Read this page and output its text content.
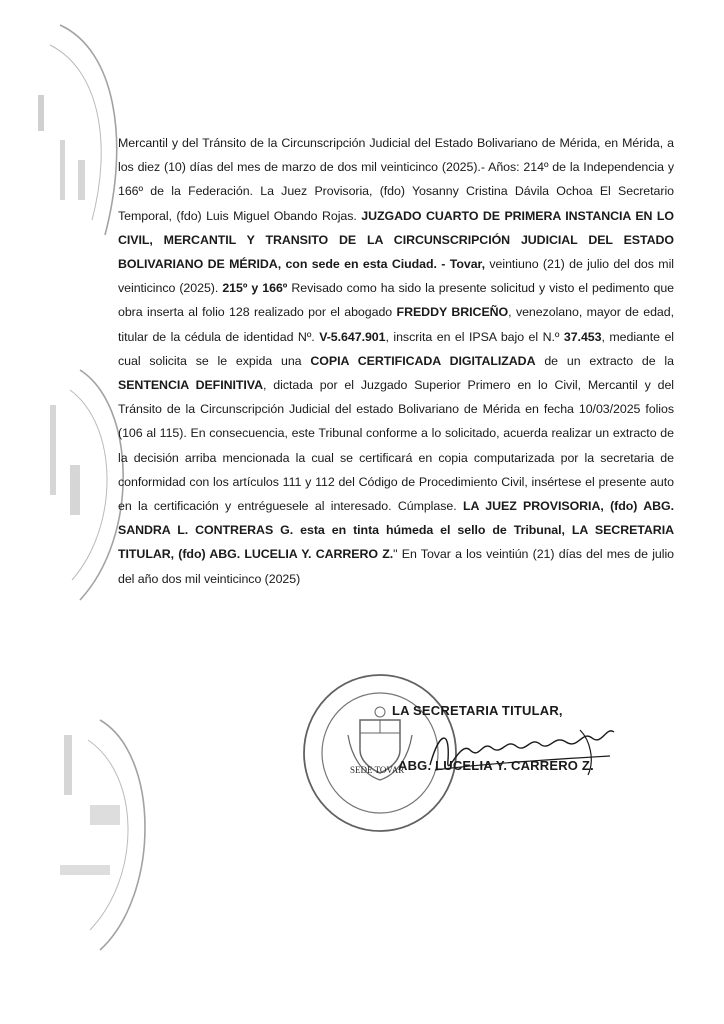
Mercantil y del Tránsito de la Circunscripción Judicial del Estado Bolivariano de Mérida, en Mérida, a los diez (10) días del mes de marzo de dos mil veinticinco (2025).- Años: 214º de la Independencia y 166º de la Federación. La Juez Provisoria, (fdo) Yosanny Cristina Dávila Ochoa El Secretario Temporal, (fdo) Luis Miguel Obando Rojas. JUZGADO CUARTO DE PRIMERA INSTANCIA EN LO CIVIL, MERCANTIL Y TRANSITO DE LA CIRCUNSCRIPCIÓN JUDICIAL DEL ESTADO BOLIVARIANO DE MÉRIDA, con sede en esta Ciudad. - Tovar, veintiuno (21) de julio del dos mil veinticinco (2025). 215º y 166º Revisado como ha sido la presente solicitud y visto el pedimento que obra inserta al folio 128 realizado por el abogado FREDDY BRICEÑO, venezolano, mayor de edad, titular de la cédula de identidad Nº. V-5.647.901, inscrita en el IPSA bajo el N.º 37.453, mediante el cual solicita se le expida una COPIA CERTIFICADA DIGITALIZADA de un extracto de la SENTENCIA DEFINITIVA, dictada por el Juzgado Superior Primero en lo Civil, Mercantil y del Tránsito de la Circunscripción Judicial del estado Bolivariano de Mérida en fecha 10/03/2025 folios (106 al 115). En consecuencia, este Tribunal conforme a lo solicitado, acuerda realizar un extracto de la decisión arriba mencionada la cual se certificará en copia computarizada por la secretaria de conformidad con los artículos 111 y 112 del Código de Procedimiento Civil, insértese el presente auto en la certificación y entréguesele al interesado. Cúmplase. LA JUEZ PROVISORIA, (fdo) ABG. SANDRA L. CONTRERAS G. esta en tinta húmeda el sello de Tribunal, LA SECRETARIA TITULAR, (fdo) ABG. LUCELIA Y. CARRERO Z." En Tovar a los veintiún (21) días del mes de julio del año dos mil veinticinco (2025)

SEDE TOVAR
LA SECRETARIA TITULAR,
ABG. LUCELIA Y. CARRERO Z.
